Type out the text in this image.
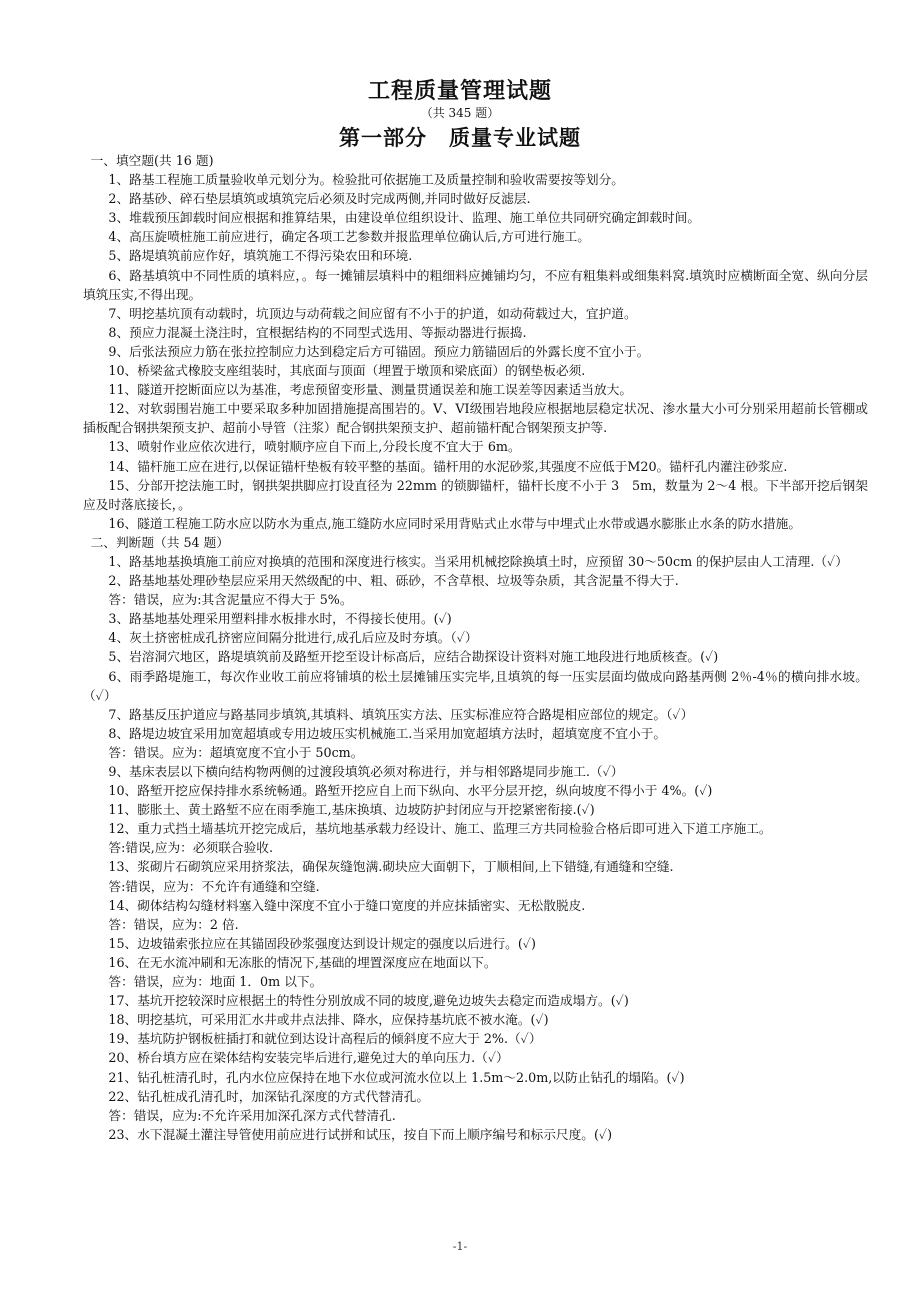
工程质量管理试题
（共 345 题）
第一部分　质量专业试题

一、填空题(共 16 题)

1、路基工程施工质量验收单元划分为。检验批可依据施工及质量控制和验收需要按等划分。

2、路基砂、碎石垫层填筑或填筑完后必须及时完成两侧,并同时做好反滤层.

3、堆载预压卸载时间应根据和推算结果，由建设单位组织设计、监理、施工单位共同研究确定卸载时间。

4、高压旋喷桩施工前应进行，确定各项工艺参数并报监理单位确认后,方可进行施工。

5、路堤填筑前应作好，填筑施工不得污染农田和环境.

6、路基填筑中不同性质的填料应，。每一摊铺层填料中的粗细料应摊铺均匀，不应有粗集料或细集料窝.填筑时应横断面全宽、纵向分层填筑压实,不得出现。

7、明挖基坑顶有动载时，坑顶边与动荷载之间应留有不小于的护道，如动荷载过大，宜护道。

8、预应力混凝土浇注时，宜根据结构的不同型式选用、等振动器进行振捣.

9、后张法预应力筋在张拉控制应力达到稳定后方可锚固。预应力筋锚固后的外露长度不宜小于。

10、桥梁盆式橡胶支座组装时，其底面与顶面（埋置于墩顶和梁底面）的钢垫板必须.

11、隧道开挖断面应以为基准，考虑预留变形量、测量贯通误差和施工误差等因素适当放大。

12、对软弱围岩施工中要采取多种加固措施提高围岩的。V、VI级围岩地段应根据地层稳定状况、渗水量大小可分别采用超前长管棚或插板配合钢拱架预支护、超前小导管（注浆）配合钢拱架预支护、超前锚杆配合钢架预支护等.

13、喷射作业应依次进行，喷射顺序应自下而上,分段长度不宜大于 6m。

14、锚杆施工应在进行,以保证锚杆垫板有较平整的基面。锚杆用的水泥砂浆,其强度不应低于M20。锚杆孔内灌注砂浆应.

15、分部开挖法施工时，钢拱架拱脚应打设直径为 22mm 的锁脚锚杆，锚杆长度不小于 3　5m，数量为 2～4 根。下半部开挖后钢架应及时落底接长，。

16、隧道工程施工防水应以防水为重点,施工缝防水应同时采用背贴式止水带与中埋式止水带或遇水膨胀止水条的防水措施。

二、判断题（共 54 题）

1、路基地基换填施工前应对换填的范围和深度进行核实。当采用机械挖除换填土时，应预留 30～50cm 的保护层由人工清理.（✓）

2、路基地基处理砂垫层应采用天然级配的中、粗、砾砂，不含草根、垃圾等杂质，其含泥量不得大于.

答：错误，应为:其含泥量应不得大于 5%。

3、路基地基处理采用塑料排水板排水时，不得接长使用。(✓)

4、灰土挤密桩成孔挤密应间隔分批进行,成孔后应及时夯填。（✓）

5、岩溶洞穴地区，路堤填筑前及路堑开挖至设计标高后，应结合勘探设计资料对施工地段进行地质核查。(✓)

6、雨季路堤施工，每次作业收工前应将铺填的松土层摊铺压实完毕,且填筑的每一压实层面均做成向路基两侧 2％-4％的横向排水坡。（✓）

7、路基反压护道应与路基同步填筑,其填料、填筑压实方法、压实标准应符合路堤相应部位的规定。（✓）

8、路堤边坡宜采用加宽超填或专用边坡压实机械施工.当采用加宽超填方法时，超填宽度不宜小于。

答：错误。应为：超填宽度不宜小于 50cm。

9、基床表层以下横向结构物两侧的过渡段填筑必须对称进行，并与相邻路堤同步施工.（✓）

10、路堑开挖应保持排水系统畅通。路堑开挖应自上而下纵向、水平分层开挖，纵向坡度不得小于 4%。(✓)

11、膨胀土、黄土路堑不应在雨季施工,基床换填、边坡防护封闭应与开挖紧密衔接.(✓)

12、重力式挡土墙基坑开挖完成后，基坑地基承载力经设计、施工、监理三方共同检验合格后即可进入下道工序施工。

答:错误,应为：必须联合验收.

13、浆砌片石砌筑应采用挤浆法，确保灰缝饱满.砌块应大面朝下，丁顺相间,上下错缝,有通缝和空缝.

答:错误，应为：不允许有通缝和空缝.

14、砌体结构勾缝材料塞入缝中深度不宜小于缝口宽度的并应抹插密实、无松散脱皮.

答：错误，应为：2 倍.

15、边坡锚索张拉应在其锚固段砂浆强度达到设计规定的强度以后进行。(✓)

16、在无水流冲刷和无冻胀的情况下,基础的埋置深度应在地面以下。

答：错误，应为：地面 1．0m 以下。

17、基坑开挖较深时应根据土的特性分别放成不同的坡度,避免边坡失去稳定而造成塌方。(✓)

18、明挖基坑，可采用汇水井或井点法排、降水，应保持基坑底不被水淹。(✓)

19、基坑防护钢板桩插打和就位到达设计高程后的倾斜度不应大于 2%.（✓）

20、桥台填方应在梁体结构安装完毕后进行,避免过大的单向压力.（✓）

21、钻孔桩清孔时，孔内水位应保持在地下水位或河流水位以上 1.5m～2.0m,以防止钻孔的塌陷。(✓)

22、钻孔桩成孔清孔时，加深钻孔深度的方式代替清孔。

答：错误，应为:不允许采用加深孔深方式代替清孔.

23、水下混凝土灌注导管使用前应进行试拼和试压，按自下而上顺序编号和标示尺度。(✓)

-1-
